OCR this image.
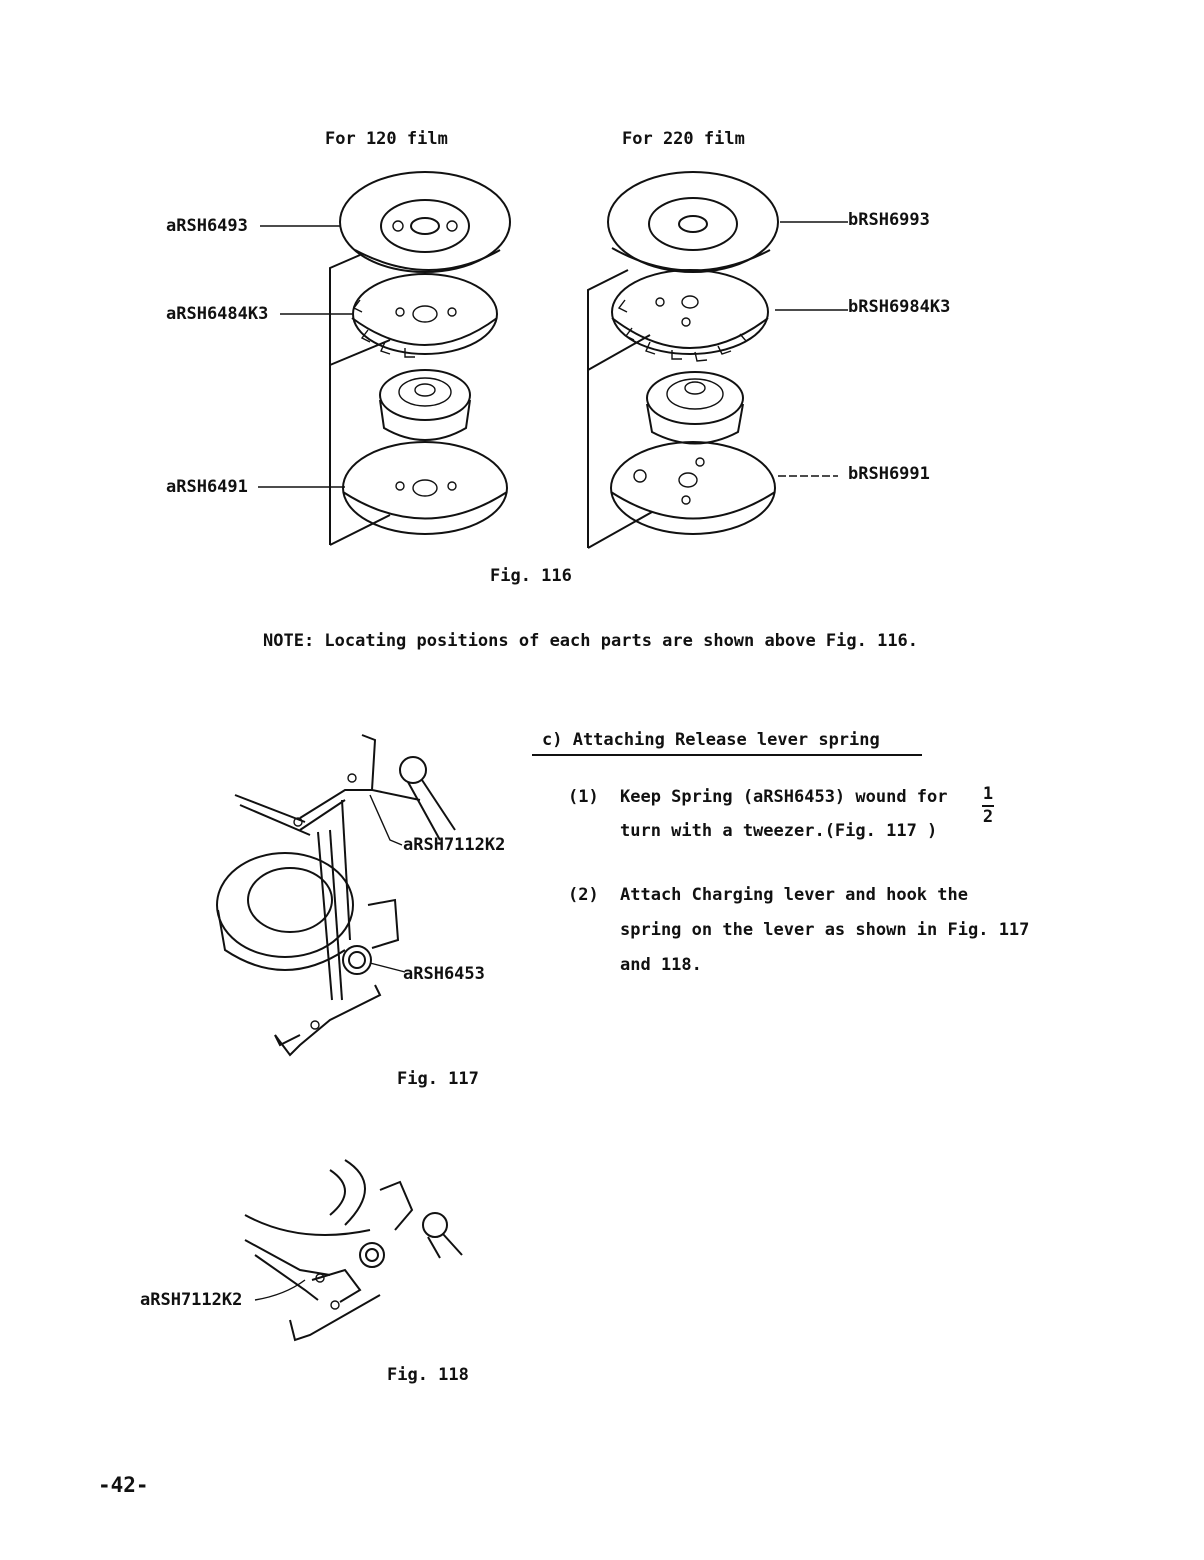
For 120 film	For 220 film
aRSH6493
aRSH6484K3
aRSH6491
bRSH6993
bRSH6984K3
bRSH6991
Fig. 116
NOTE: Locating positions of each parts are shown above Fig. 116.
c) Attaching Release lever spring
(1) Keep Spring (aRSH6453) wound for 1
2
turn with a tweezer.(Fig. 117 )
(2) Attach Charging lever and hook the
spring on the lever as shown in Fig. 117
and 118.
aRSH7112K2
aRSH6453
Fig. 117
aRSH7112K2
Fig. 118
-42-
